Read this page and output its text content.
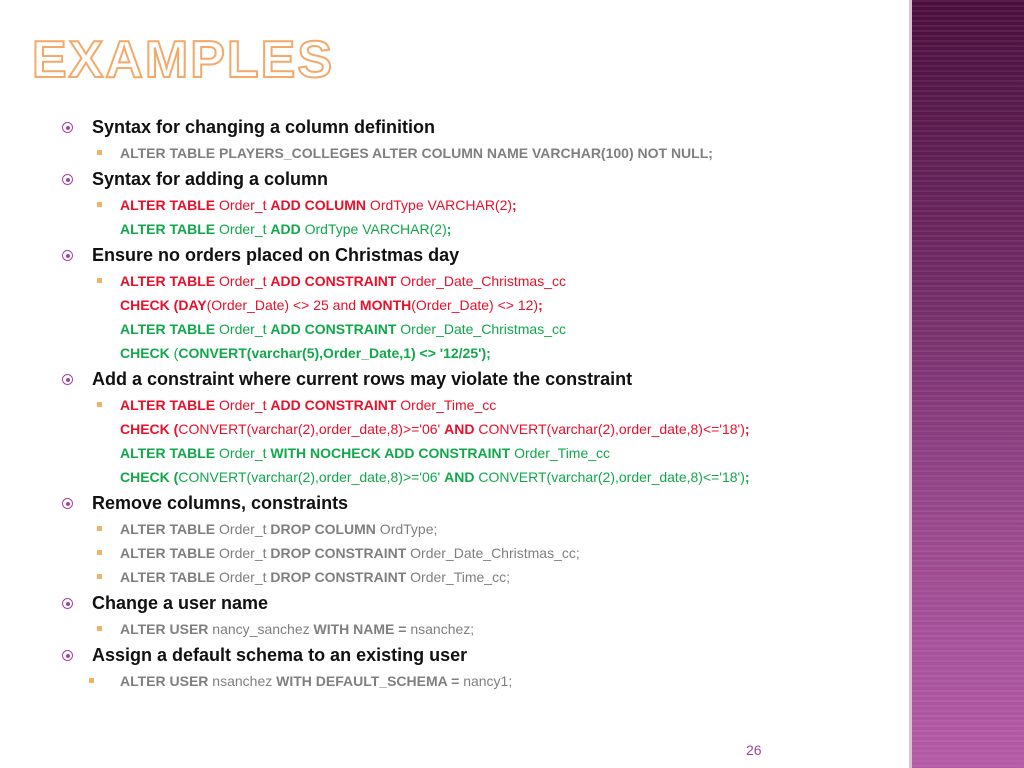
EXAMPLES
Syntax for changing a column definition
ALTER TABLE PLAYERS_COLLEGES ALTER COLUMN NAME VARCHAR(100) NOT NULL;
Syntax for adding a column
ALTER TABLE Order_t ADD COLUMN OrdType VARCHAR(2);
ALTER TABLE Order_t ADD OrdType VARCHAR(2);
Ensure no orders placed on Christmas day
ALTER TABLE Order_t ADD CONSTRAINT Order_Date_Christmas_cc
CHECK (DAY(Order_Date) <> 25 and MONTH(Order_Date) <> 12);
ALTER TABLE Order_t ADD CONSTRAINT Order_Date_Christmas_cc
CHECK (CONVERT(varchar(5),Order_Date,1) <> '12/25');
Add a constraint where current rows may violate the constraint
ALTER TABLE Order_t ADD CONSTRAINT Order_Time_cc
CHECK (CONVERT(varchar(2),order_date,8)>='06' AND CONVERT(varchar(2),order_date,8)<='18');
ALTER TABLE Order_t WITH NOCHECK ADD CONSTRAINT Order_Time_cc
CHECK (CONVERT(varchar(2),order_date,8)>='06' AND CONVERT(varchar(2),order_date,8)<='18');
Remove columns, constraints
ALTER TABLE Order_t DROP COLUMN OrdType;
ALTER TABLE Order_t DROP CONSTRAINT Order_Date_Christmas_cc;
ALTER TABLE Order_t DROP CONSTRAINT Order_Time_cc;
Change a user name
ALTER USER nancy_sanchez WITH NAME = nsanchez;
Assign a default schema to an existing user
ALTER USER nsanchez WITH DEFAULT_SCHEMA = nancy1;
26
